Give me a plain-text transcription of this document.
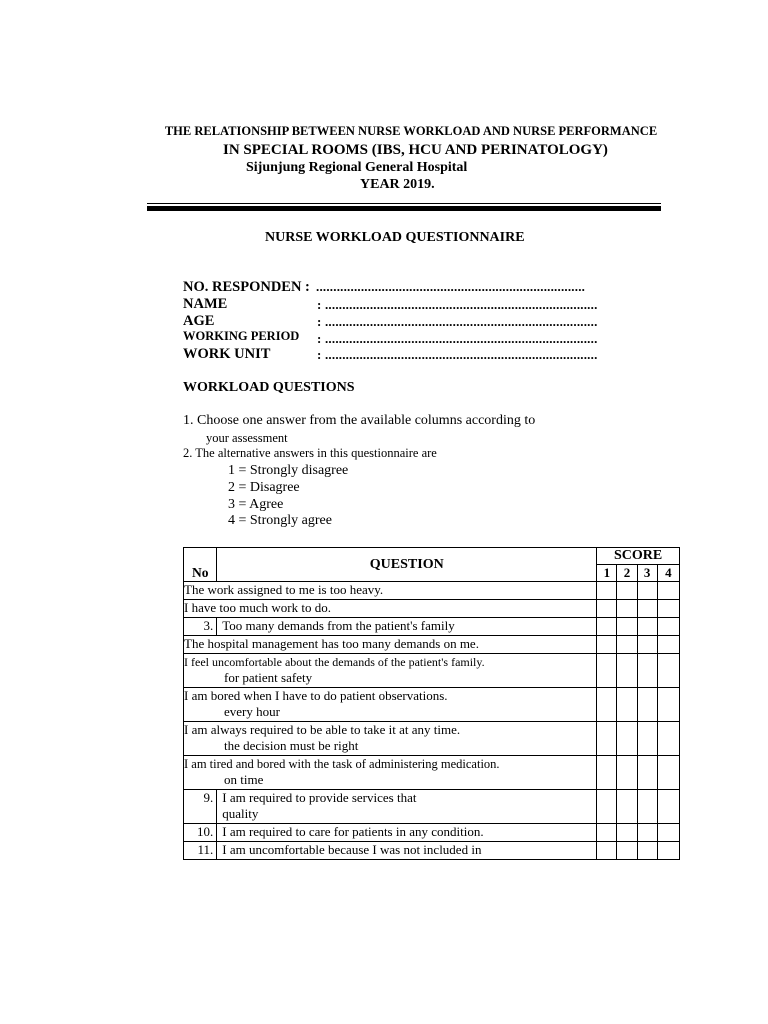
THE RELATIONSHIP BETWEEN NURSE WORKLOAD AND NURSE PERFORMANCE
IN SPECIAL ROOMS (IBS, HCU AND PERINATOLOGY)
Sijunjung Regional General Hospital
YEAR 2019.
NURSE WORKLOAD QUESTIONNAIRE
NO. RESPONDEN : ..............................................................................
NAME	: ...............................................................................
AGE	: ...............................................................................
WORKING PERIOD : ...............................................................................
WORK UNIT	: ...............................................................................
WORKLOAD QUESTIONS
1. Choose one answer from the available columns according to
your assessment
2. The alternative answers in this questionnaire are
1 = Strongly disagree
2 = Disagree
3 = Agree
4 = Strongly agree
No	QUESTION	SCORE			
		1	2	3	4
The work assigned to me is too heavy.					
I have too much work to do.					
3.	Too many demands from the patient's family				
The hospital management has too many demands on me.					
I feel uncomfortable about the demands of the patient's family.
for patient safety					

I am bored when I have to do patient observations.
every hour					

I am always required to be able to take it at any time.
the decision must be right					

I am tired and bored with the task of administering medication.
on time					

9.	I am required to provide services that
quality				

10.	I am required to care for patients in any condition.				
11.	I am uncomfortable because I was not included in				
